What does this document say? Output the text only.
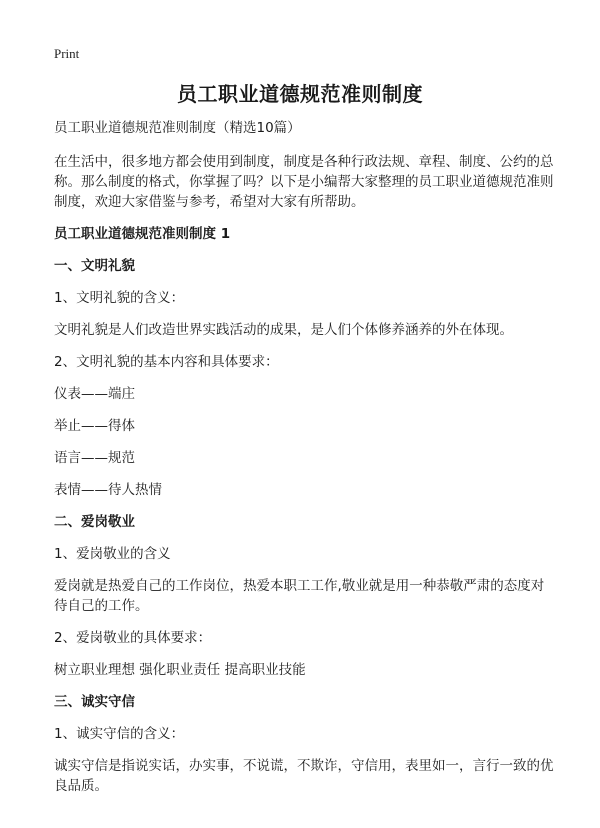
Print
员工职业道德规范准则制度

员工职业道德规范准则制度（精选10篇）

在生活中，很多地方都会使用到制度，制度是各种行政法规、章程、制度、公约的总称。那么制度的格式，你掌握了吗？以下是小编帮大家整理的员工职业道德规范准则制度，欢迎大家借鉴与参考，希望对大家有所帮助。

员工职业道德规范准则制度 1

一、文明礼貌

1、文明礼貌的含义：

文明礼貌是人们改造世界实践活动的成果，是人们个体修养涵养的外在体现。

2、文明礼貌的基本内容和具体要求：

仪表——端庄

举止——得体

语言——规范

表情——待人热情

二、爱岗敬业

1、爱岗敬业的含义

爱岗就是热爱自己的工作岗位，热爱本职工工作,敬业就是用一种恭敬严肃的态度对待自己的工作。

2、爱岗敬业的具体要求：

树立职业理想 强化职业责任 提高职业技能

三、诚实守信

1、诚实守信的含义：

诚实守信是指说实话，办实事，不说谎，不欺诈，守信用，表里如一，言行一致的优良品质。
